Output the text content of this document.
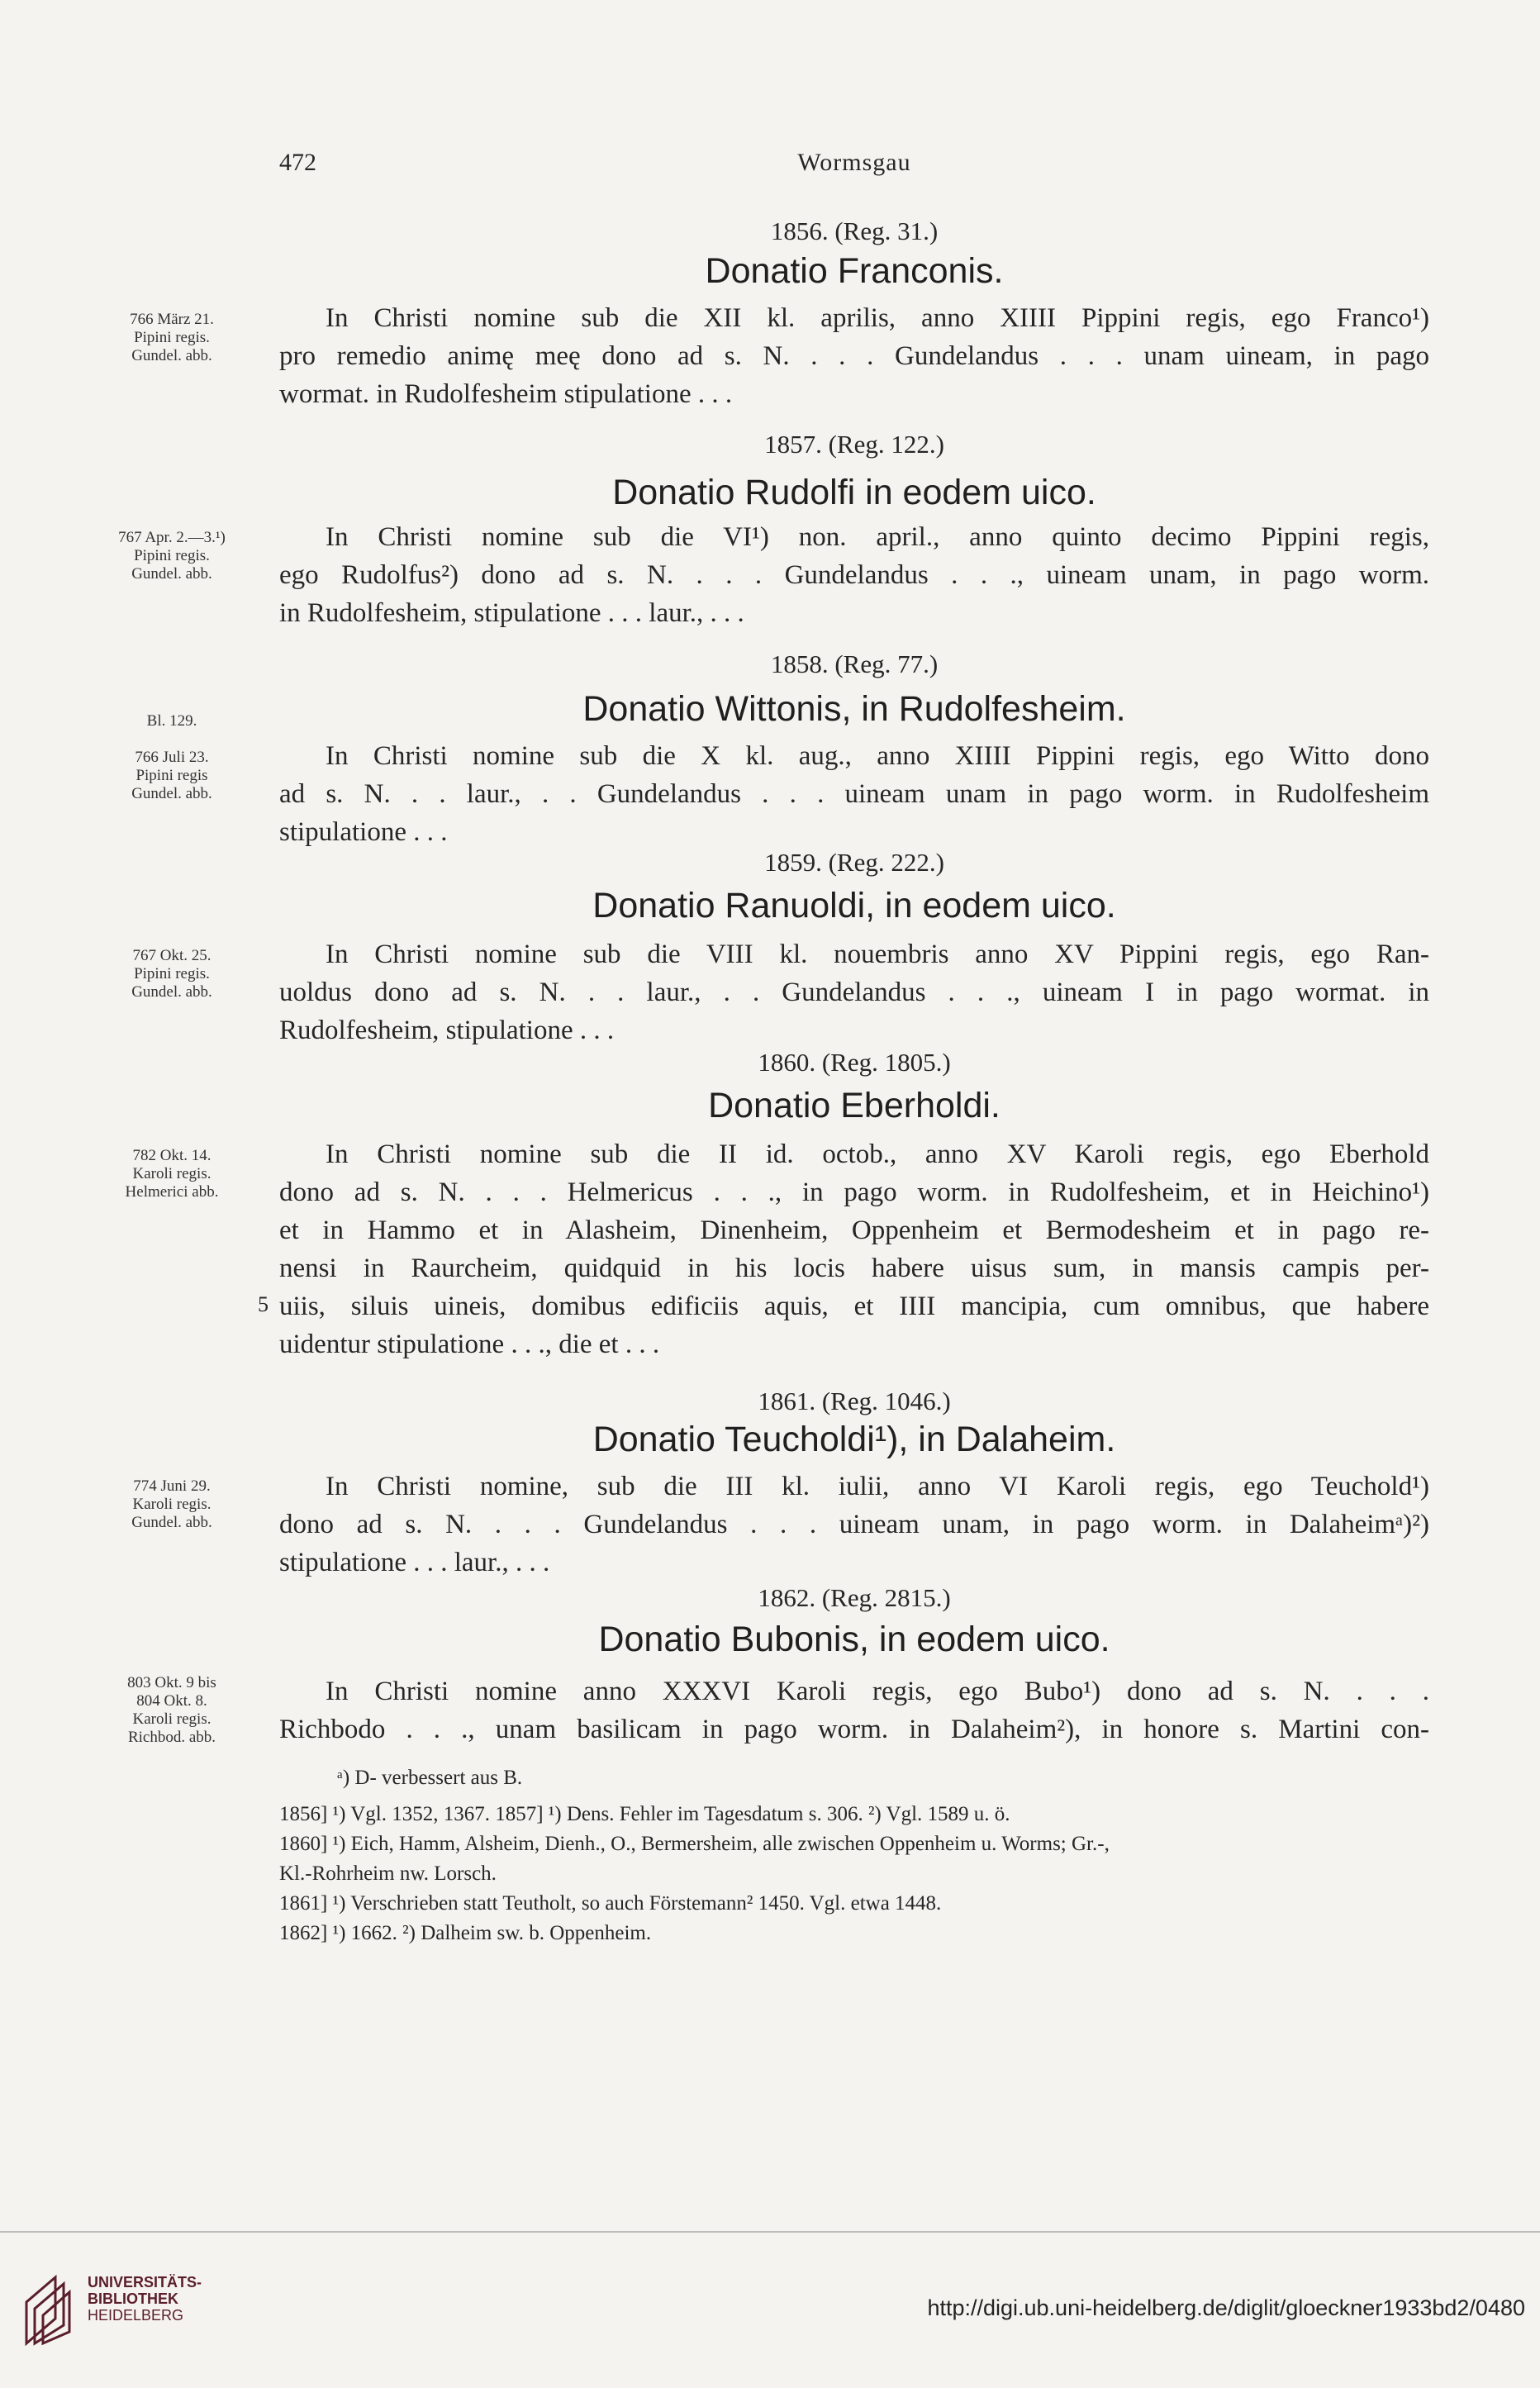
472	Wormsgau
1856. (Reg. 31.)
Donatio Franconis.
766 März 21.
Pipini regis.
Gundel. abb.
In Christi nomine sub die XII kl. aprilis, anno XIIII Pippini regis, ego Franco¹)
pro remedio animę meę dono ad s. N. . . . Gundelandus . . . unam uineam, in pago
wormat. in Rudolfesheim stipulatione . . .
1857. (Reg. 122.)
Donatio Rudolfi in eodem uico.
767 Apr. 2.—3.¹)
Pipini regis.
Gundel. abb.
In Christi nomine sub die VI¹) non. april., anno quinto decimo Pippini regis,
ego Rudolfus²) dono ad s. N. . . . Gundelandus . . ., uineam unam, in pago worm.
in Rudolfesheim, stipulatione . . . laur., . . .
1858. (Reg. 77.)
Donatio Wittonis, in Rudolfesheim.
Bl. 129.
766 Juli 23.
Pipini regis
Gundel. abb.
In Christi nomine sub die X kl. aug., anno XIIII Pippini regis, ego Witto dono
ad s. N. . . laur., . . Gundelandus . . . uineam unam in pago worm. in Rudolfesheim
stipulatione . . .
1859. (Reg. 222.)
Donatio Ranuoldi, in eodem uico.
767 Okt. 25.
Pipini regis.
Gundel. abb.
In Christi nomine sub die VIII kl. nouembris anno XV Pippini regis, ego Ran-
uoldus dono ad s. N. . . laur., . . Gundelandus . . ., uineam I in pago wormat. in
Rudolfesheim, stipulatione . . .
1860. (Reg. 1805.)
Donatio Eberholdi.
782 Okt. 14.
Karoli regis.
Helmerici abb.
In Christi nomine sub die II id. octob., anno XV Karoli regis, ego Eberhold
dono ad s. N. . . . Helmericus . . ., in pago worm. in Rudolfesheim, et in Heichino¹)
et in Hammo et in Alasheim, Dinenheim, Oppenheim et Bermodesheim et in pago re-
nensi in Raurcheim, quidquid in his locis habere uisus sum, in mansis campis per-
uiis, siluis uineis, domibus edificiis aquis, et IIII mancipia, cum omnibus, que habere
uidentur stipulatione . . ., die et . . .
5
1861. (Reg. 1046.)
Donatio Teucholdi¹), in Dalaheim.
774 Juni 29.
Karoli regis.
Gundel. abb.
In Christi nomine, sub die III kl. iulii, anno VI Karoli regis, ego Teuchold¹)
dono ad s. N. . . . Gundelandus . . . uineam unam, in pago worm. in Dalaheimᵃ)²)
stipulatione . . . laur., . . .
1862. (Reg. 2815.)
Donatio Bubonis, in eodem uico.
803 Okt. 9 bis
804 Okt. 8.
Karoli regis.
Richbod. abb.
In Christi nomine anno XXXVI Karoli regis, ego Bubo¹) dono ad s. N. . . .
Richbodo . . ., unam basilicam in pago worm. in Dalaheim²), in honore s. Martini con-
ᵃ) D- verbessert aus B.
1856] ¹) Vgl. 1352, 1367. 1857] ¹) Dens. Fehler im Tagesdatum s. 306. ²) Vgl. 1589 u. ö.
1860] ¹) Eich, Hamm, Alsheim, Dienh., O., Bermersheim, alle zwischen Oppenheim u. Worms; Gr.-,
Kl.-Rohrheim nw. Lorsch.
1861] ¹) Verschrieben statt Teutholt, so auch Förstemann² 1450. Vgl. etwa 1448.
1862] ¹) 1662. ²) Dalheim sw. b. Oppenheim.
UNIVERSITÄTS-
BIBLIOTHEK
HEIDELBERG	http://digi.ub.uni-heidelberg.de/diglit/gloeckner1933bd2/0480
